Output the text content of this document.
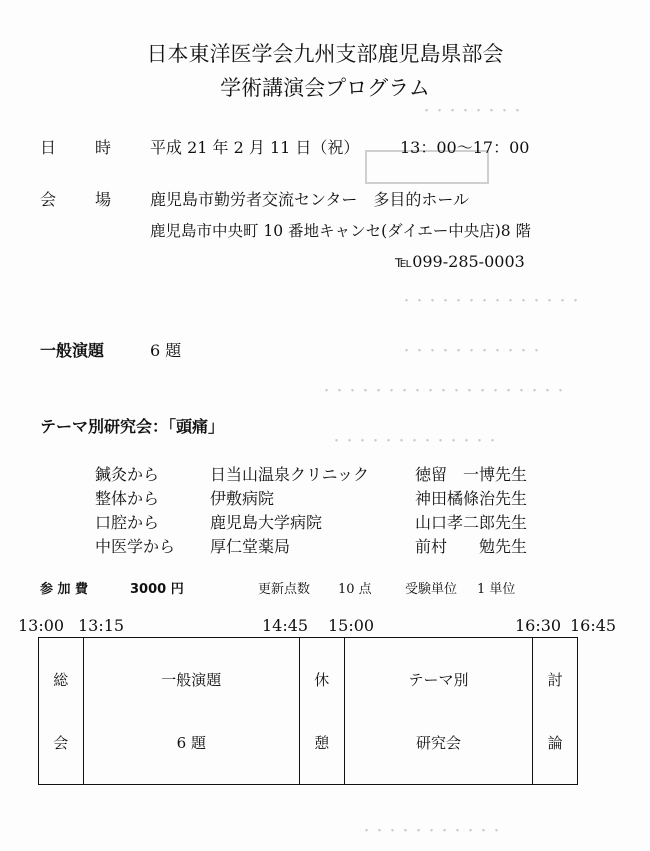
・・・・・・・・
・・・・・・・・・・・・・・
・・・・・・・・・・・
・・・・・・・・・・・・・・・・・・・
・・・・・・・・・・・・・
・・・・・・・・・・・
日本東洋医学会九州支部鹿児島県部会
学術講演会プログラム
日 時 平成 21 年 2 月 11 日（祝）	13：00〜17：00
会 場 鹿児島市勤労者交流センター　多目的ホール
鹿児島市中央町 10 番地キャンセ(ダイエー中央店)8 階
℡099-285-0003
一般演題	6 題
テーマ別研究会：「頭痛」
鍼灸から	日当山温泉クリニック	徳留　一博先生
整体から	伊敷病院	神田橘條治先生
口腔から	鹿児島大学病院	山口孝二郎先生
中医学から 厚仁堂薬局	前村　　勉先生
参 加 費	3000 円	更新点数 10 点	受験単位 1 単位
13:00 13:15	14:45 15:00	16:30 16:45
総
会

一般演題
6 題

休
憩

テーマ別
研究会

討
論
